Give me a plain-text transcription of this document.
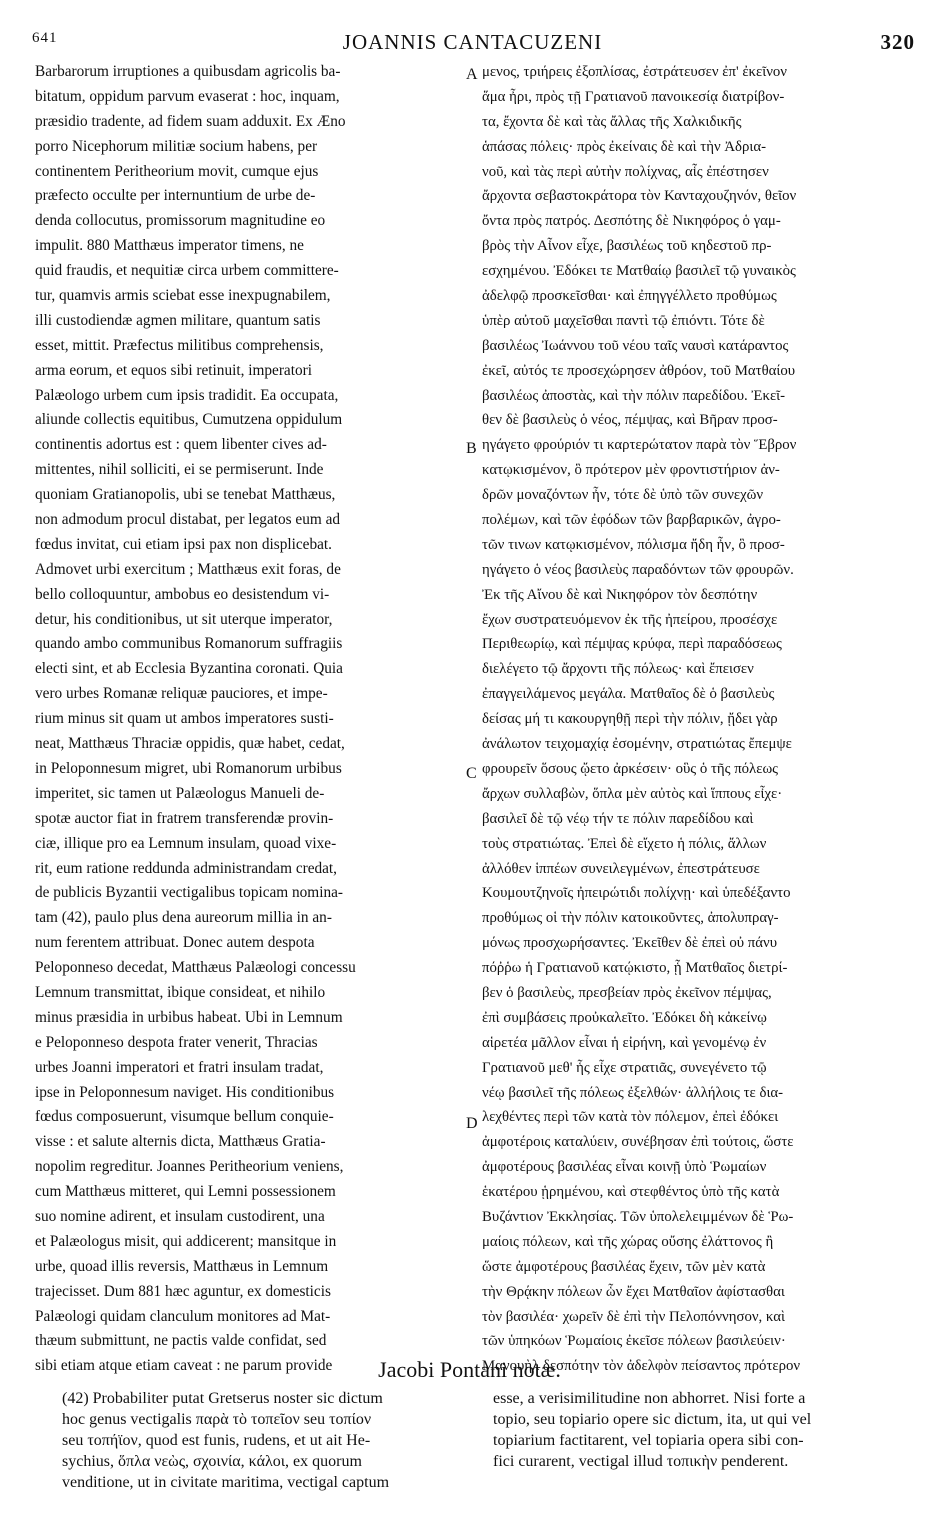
641	JOANNIS CANTACUZENI	320
Barbarorum irruptiones a quibusdam agricolis ba-
bitatum, oppidum parvum evaserat : hoc, inquam,
præsidio tradente, ad fidem suam adduxit. Ex Æno
porro Nicephorum militiæ socium habens, per
continentem Peritheorium movit, cumque ejus
præfecto occulte per internuntium de urbe de-
denda collocutus, promissorum magnitudine eo
impulit. 880 Matthæus imperator timens, ne
quid fraudis, et nequitiæ circa urbem committere-
tur, quamvis armis sciebat esse inexpugnabilem,
illi custodiendæ agmen militare, quantum satis
esset, mittit. Præfectus militibus comprehensis,
arma eorum, et equos sibi retinuit, imperatori
Palæologo urbem cum ipsis tradidit. Ea occupata,
aliunde collectis equitibus, Cumutzena oppidulum
continentis adortus est : quem libenter cives ad-
mittentes, nihil solliciti, ei se permiserunt. Inde
quoniam Gratianopolis, ubi se tenebat Matthæus,
non admodum procul distabat, per legatos eum ad
fœdus invitat, cui etiam ipsi pax non displicebat.
Admovet urbi exercitum ; Matthæus exit foras, de
bello colloquuntur, ambobus eo desistendum vi-
detur, his conditionibus, ut sit uterque imperator,
quando ambo communibus Romanorum suffragiis
electi sint, et ab Ecclesia Byzantina coronati. Quia
vero urbes Romanæ reliquæ pauciores, et impe-
rium minus sit quam ut ambos imperatores susti-
neat, Matthæus Thraciæ oppidis, quæ habet, cedat,
in Peloponnesum migret, ubi Romanorum urbibus
imperitet, sic tamen ut Palæologus Manueli de-
spotæ auctor fiat in fratrem transferendæ provin-
ciæ, illique pro ea Lemnum insulam, quoad vixe-
rit, eum ratione reddunda administrandam credat,
de publicis Byzantii vectigalibus topicam nomina-
tam (42), paulo plus dena aureorum millia in an-
num ferentem attribuat. Donec autem despota
Peloponneso decedat, Matthæus Palæologi concessu
Lemnum transmittat, ibique consideat, et nihilo
minus præsidia in urbibus habeat. Ubi in Lemnum
e Peloponneso despota frater venerit, Thracias
urbes Joanni imperatori et fratri insulam tradat,
ipse in Peloponnesum naviget. His conditionibus
fœdus composuerunt, visumque bellum conquie-
visse : et salute alternis dicta, Matthæus Gratia-
nopolim regreditur. Joannes Peritheorium veniens,
cum Matthæus mitteret, qui Lemni possessionem
suo nomine adirent, et insulam custodirent, una
et Palæologus misit, qui addicerent; mansitque in
urbe, quoad illis reversis, Matthæus in Lemnum
trajecisset. Dum 881 hæc aguntur, ex domesticis
Palæologi quidam clanculum monitores ad Mat-
thæum submittunt, ne pactis valde confidat, sed
sibi etiam atque etiam caveat : ne parum provide
A
B
C
D
μενος, τριήρεις ἐξοπλίσας, ἐστράτευσεν ἐπ' ἐκεῖνον
ἅμα ἦρι, πρὸς τῇ Γρατιανοῦ πανοικεσίᾳ διατρίβον-
τα, ἔχοντα δὲ καὶ τὰς ἄλλας τῆς Χαλκιδικῆς
ἁπάσας πόλεις· πρὸς ἐκείναις δὲ καὶ τὴν Ἀδρια-
νοῦ, καὶ τὰς περὶ αὐτὴν πολίχνας, αἷς ἐπέστησεν
ἄρχοντα σεβαστοκράτορα τὸν Κανταχουζηνόν, θεῖον
ὄντα πρὸς πατρός. Δεσπότης δὲ Νικηφόρος ὁ γαμ-
βρὸς τὴν Αἶνον εἶχε, βασιλέως τοῦ κηδεστοῦ πρ-
εσχημένου. Ἐδόκει τε Ματθαίῳ βασιλεῖ τῷ γυναικὸς
ἀδελφῷ προσκεῖσθαι· καὶ ἐπηγγέλλετο προθύμως
ὑπὲρ αὐτοῦ μαχεῖσθαι παντὶ τῷ ἐπιόντι. Τότε δὲ
βασιλέως Ἰωάννου τοῦ νέου ταῖς ναυσὶ κατάραντος
ἐκεῖ, αὐτός τε προσεχώρησεν ἀθρόον, τοῦ Ματθαίου
βασιλέως ἀποστὰς, καὶ τὴν πόλιν παρεδίδου. Ἐκεῖ-
θεν δὲ βασιλεὺς ὁ νέος, πέμψας, καὶ Βῆραν προσ-
ηγάγετο φρούριόν τι καρτερώτατον παρὰ τὸν Ἕβρον
κατῳκισμένον, ὃ πρότερον μὲν φροντιστήριον ἀν-
δρῶν μοναζόντων ἦν, τότε δὲ ὑπὸ τῶν συνεχῶν
πολέμων, καὶ τῶν ἐφόδων τῶν βαρβαρικῶν, ἀγρο-
τῶν τινων κατῳκισμένον, πόλισμα ἤδη ἦν, ὃ προσ-
ηγάγετο ὁ νέος βασιλεὺς παραδόντων τῶν φρουρῶν.
Ἐκ τῆς Αἴνου δὲ καὶ Νικηφόρον τὸν δεσπότην
ἔχων συστρατευόμενον ἐκ τῆς ἠπείρου, προσέσχε
Περιθεωρίῳ, καὶ πέμψας κρύφα, περὶ παραδόσεως
διελέγετο τῷ ἄρχοντι τῆς πόλεως· καὶ ἔπεισεν
ἐπαγγειλάμενος μεγάλα. Ματθαῖος δὲ ὁ βασιλεὺς
δείσας μή τι κακουργηθῇ περὶ τὴν πόλιν, ᾔδει γὰρ
ἀνάλωτον τειχομαχίᾳ ἐσομένην, στρατιώτας ἔπεμψε
φρουρεῖν ὅσους ᾤετο ἀρκέσειν· οὓς ὁ τῆς πόλεως
ἄρχων συλλαβὼν, ὅπλα μὲν αὐτὸς καὶ ἵππους εἶχε·
βασιλεῖ δὲ τῷ νέῳ τήν τε πόλιν παρεδίδου καὶ
τοὺς στρατιώτας. Ἐπεὶ δὲ εἴχετο ἡ πόλις, ἄλλων
ἀλλόθεν ἱππέων συνειλεγμένων, ἐπεστράτευσε
Κουμουτζηνοῖς ἠπειρώτιδι πολίχνῃ· καὶ ὑπεδέξαντο
προθύμως οἱ τὴν πόλιν κατοικοῦντες, ἀπολυπραγ-
μόνως προσχωρήσαντες. Ἐκεῖθεν δὲ ἐπεὶ οὐ πάνυ
πόῤῥω ἡ Γρατιανοῦ κατῴκιστο, ᾗ Ματθαῖος διετρί-
βεν ὁ βασιλεὺς, πρεσβείαν πρὸς ἐκεῖνον πέμψας,
ἐπὶ συμβάσεις προὐκαλεῖτο. Ἐδόκει δὴ κἀκείνῳ
αἱρετέα μᾶλλον εἶναι ἡ εἰρήνη, καὶ γενομένῳ ἐν
Γρατιανοῦ μεθ' ἧς εἶχε στρατιᾶς, συνεγένετο τῷ
νέῳ βασιλεῖ τῆς πόλεως ἐξελθών· ἀλλήλοις τε δια-
λεχθέντες περὶ τῶν κατὰ τὸν πόλεμον, ἐπεὶ ἐδόκει
ἀμφοτέροις καταλύειν, συνέβησαν ἐπὶ τούτοις, ὥστε
ἀμφοτέρους βασιλέας εἶναι κοινῇ ὑπὸ Ῥωμαίων
ἑκατέρου ᾑρημένου, καὶ στεφθέντος ὑπὸ τῆς κατὰ
Βυζάντιον Ἐκκλησίας. Τῶν ὑπολελειμμένων δὲ Ῥω-
μαίοις πόλεων, καὶ τῆς χώρας οὔσης ἐλάττονος ἢ
ὥστε ἀμφοτέρους βασιλέας ἔχειν, τῶν μὲν κατὰ
τὴν Θρᾴκην πόλεων ὧν ἔχει Ματθαῖον ἀφίστασθαι
τὸν βασιλέα· χωρεῖν δὲ ἐπὶ τὴν Πελοπόννησον, καὶ
τῶν ὑπηκόων Ῥωμαίοις ἐκεῖσε πόλεων βασιλεύειν·
Μανουὴλ δεσπότην τὸν ἀδελφὸν πείσαντος πρότερον
Jacobi Pontani notæ.
(42) Probabiliter putat Gretserus noster sic dictum
hoc genus vectigalis παρὰ τὸ τοπεῖον seu τοπίον
seu τοπήϊον, quod est funis, rudens, et ut ait He-
sychius, ὅπλα νεὼς, σχοινία, κάλοι, ex quorum
venditione, ut in civitate maritima, vectigal captum
esse, a verisimilitudine non abhorret. Nisi forte a
topio, seu topiario opere sic dictum, ita, ut qui vel
topiarium factitarent, vel topiaria opera sibi con-
fici curarent, vectigal illud τοπικὴν penderent.
